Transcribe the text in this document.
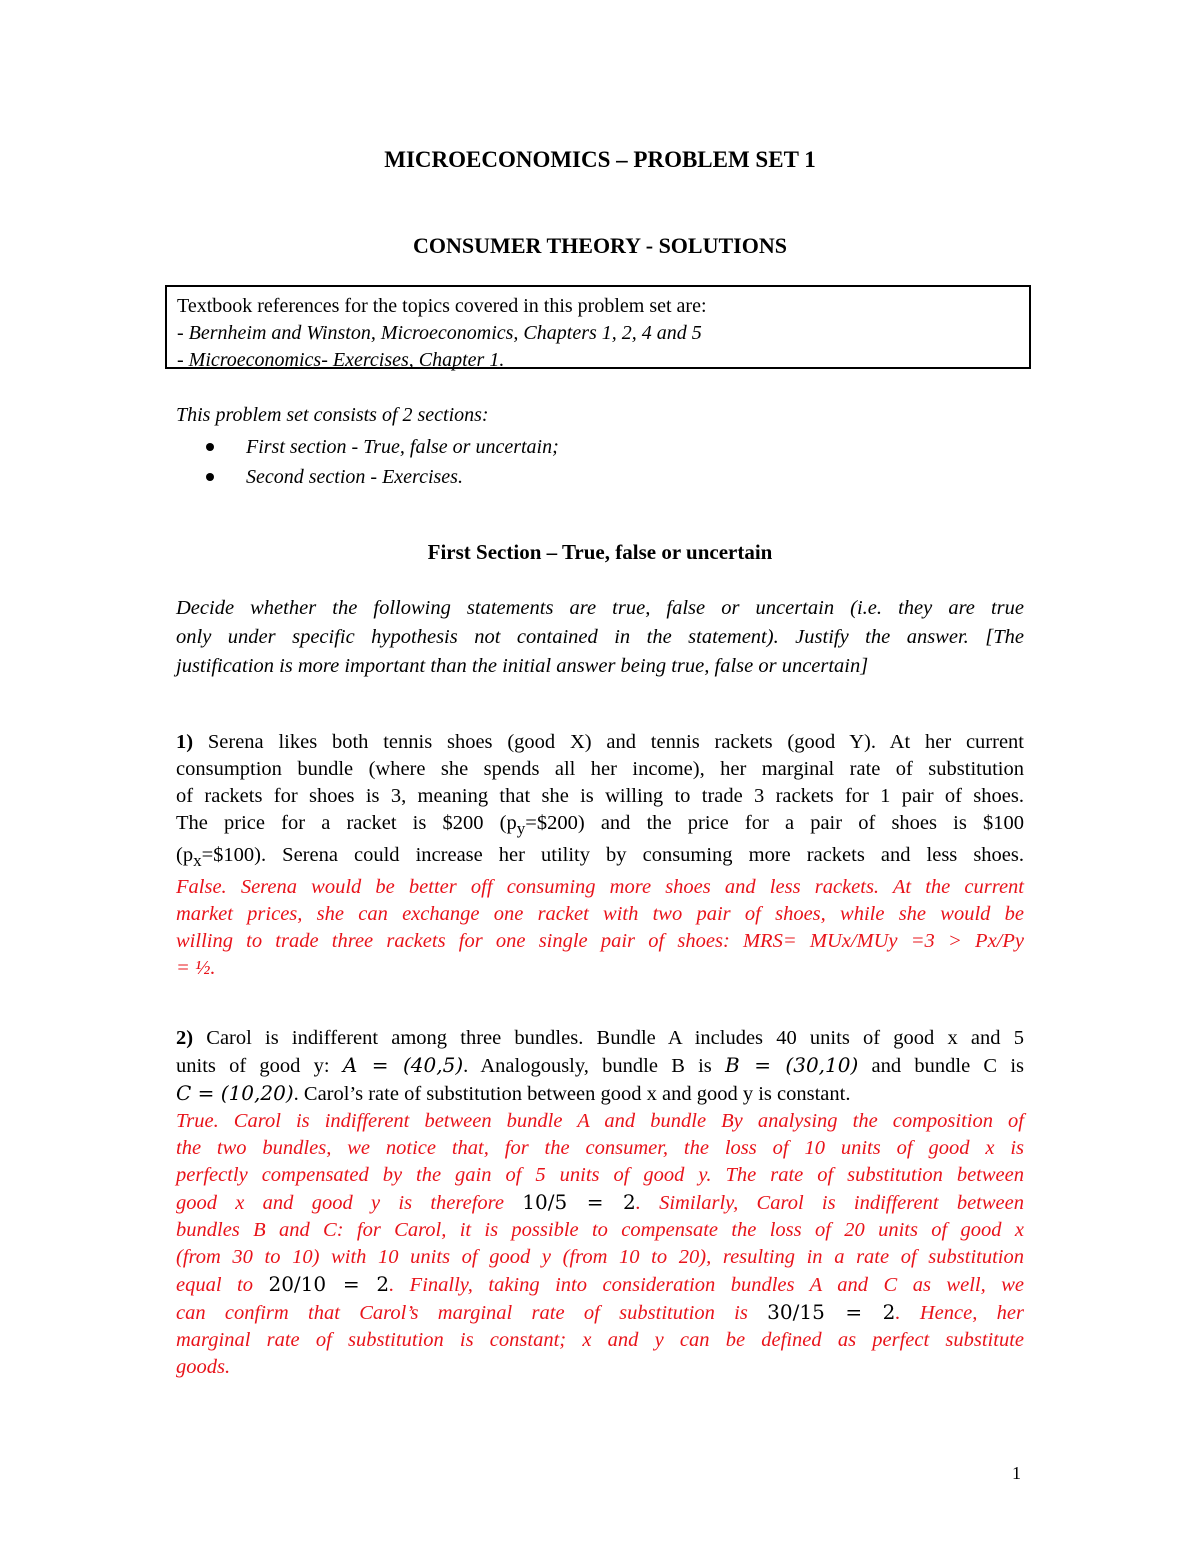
MICROECONOMICS – PROBLEM SET 1
CONSUMER THEORY - SOLUTIONS
Textbook references for the topics covered in this problem set are:
- Bernheim and Winston, Microeconomics, Chapters 1, 2, 4 and 5
- Microeconomics- Exercises, Chapter 1.
This problem set consists of 2 sections:
First section - True, false or uncertain;
Second section - Exercises.
First Section – True, false or uncertain
Decide whether the following statements are true, false or uncertain (i.e. they are true
only under specific hypothesis not contained in the statement). Justify the answer. [The
justification is more important than the initial answer being true, false or uncertain]
1) Serena likes both tennis shoes (good X) and tennis rackets (good Y). At her current
consumption bundle (where she spends all her income), her marginal rate of substitution
of rackets for shoes is 3, meaning that she is willing to trade 3 rackets for 1 pair of shoes.
The price for a racket is $200 $(p_y=\$200)$ and the price for a pair of shoes is $100
$(p_x=\$100)$. Serena could increase her utility by consuming more rackets and less shoes.
False. Serena would be better off consuming more shoes and less rackets. At the current
market prices, she can exchange one racket with two pair of shoes, while she would be
willing to trade three rackets for one single pair of shoes: MRS= MUx/MUy =3 > Px/Py
= ½.
2) Carol is indifferent among three bundles. Bundle A includes 40 units of good x and 5
units of good y: A = (40,5). Analogously, bundle B is B = (30,10) and bundle C is
C = (10,20). Carol’s rate of substitution between good x and good y is constant.
True. Carol is indifferent between bundle A and bundle By analysing the composition of
the two bundles, we notice that, for the consumer, the loss of 10 units of good x is
perfectly compensated by the gain of 5 units of good y. The rate of substitution between
good x and good y is therefore 10/5 = 2. Similarly, Carol is indifferent between
bundles B and C: for Carol, it is possible to compensate the loss of 20 units of good x
(from 30 to 10) with 10 units of good y (from 10 to 20), resulting in a rate of substitution
equal to 20/10 = 2. Finally, taking into consideration bundles A and C as well, we
can confirm that Carol’s marginal rate of substitution is 30/15 = 2. Hence, her
marginal rate of substitution is constant; x and y can be defined as perfect substitute
goods.
1
